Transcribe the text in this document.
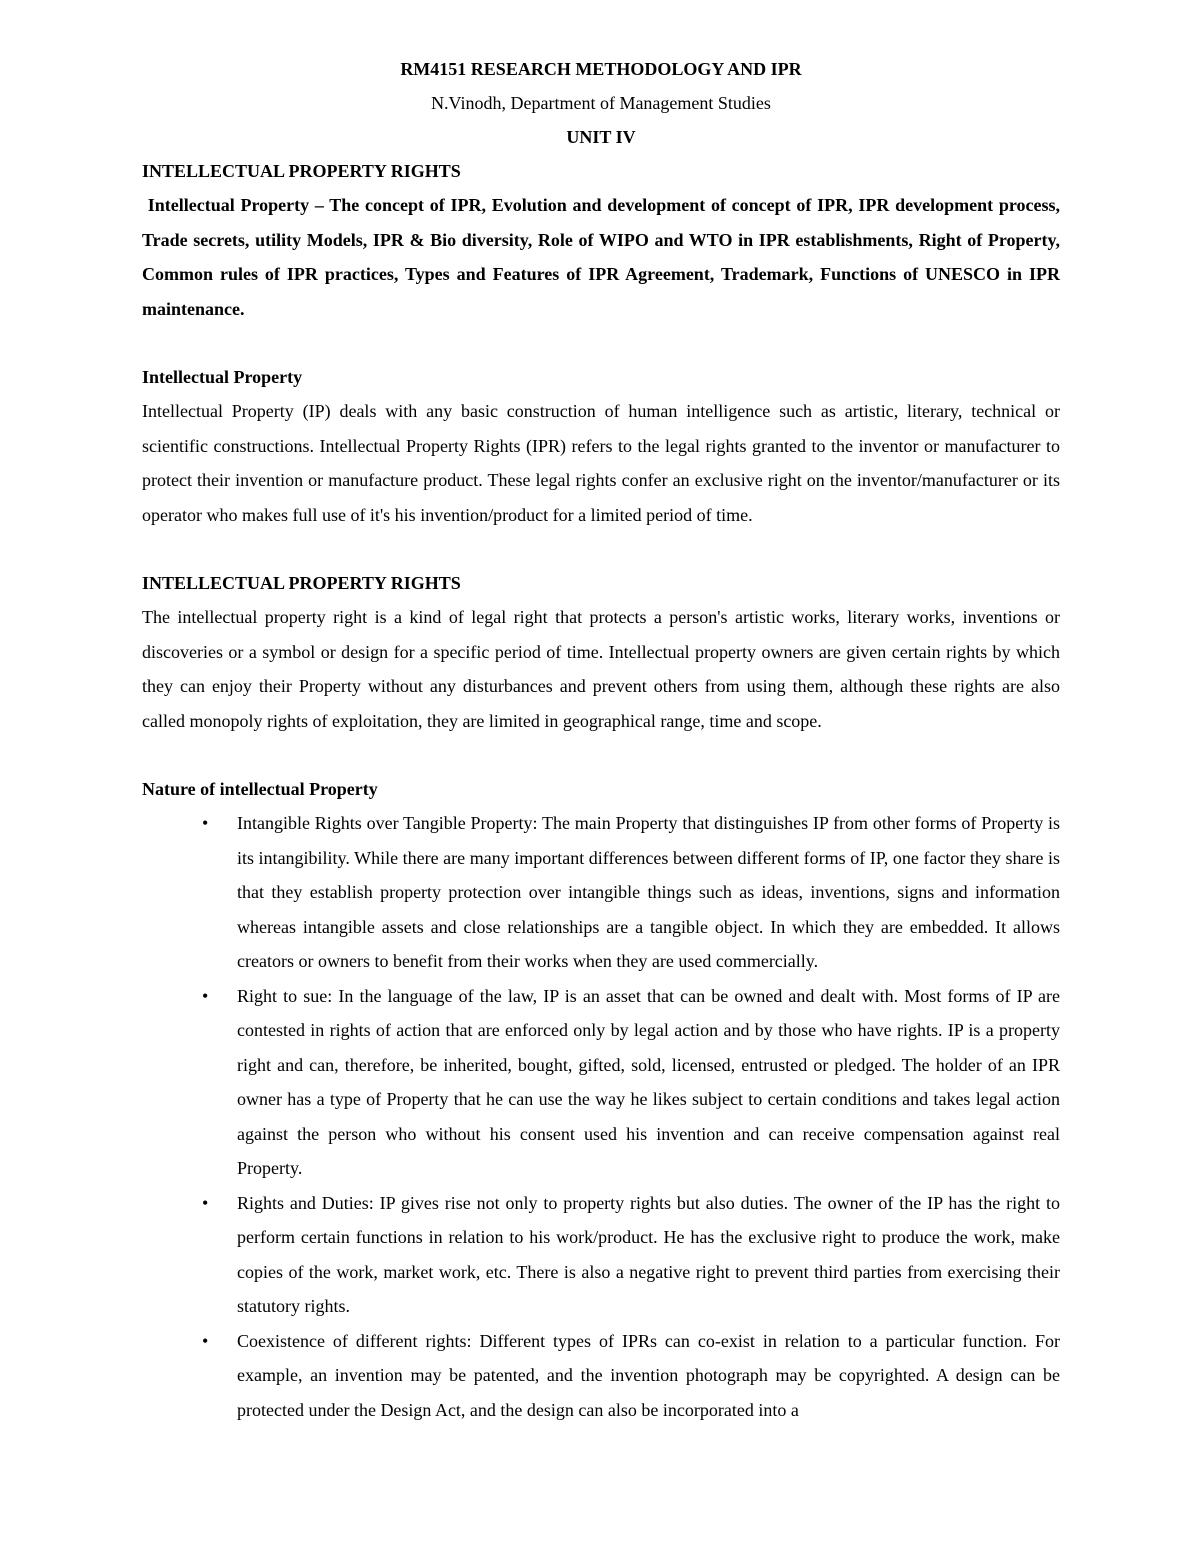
RM4151 RESEARCH METHODOLOGY AND IPR

N.Vinodh, Department of Management Studies

UNIT IV

INTELLECTUAL PROPERTY RIGHTS

Intellectual Property – The concept of IPR, Evolution and development of concept of IPR, IPR development process, Trade secrets, utility Models, IPR & Bio diversity, Role of WIPO and WTO in IPR establishments, Right of Property, Common rules of IPR practices, Types and Features of IPR Agreement, Trademark, Functions of UNESCO in IPR maintenance.

Intellectual Property

Intellectual Property (IP) deals with any basic construction of human intelligence such as artistic, literary, technical or scientific constructions. Intellectual Property Rights (IPR) refers to the legal rights granted to the inventor or manufacturer to protect their invention or manufacture product. These legal rights confer an exclusive right on the inventor/manufacturer or its operator who makes full use of it's his invention/product for a limited period of time.

INTELLECTUAL PROPERTY RIGHTS

The intellectual property right is a kind of legal right that protects a person's artistic works, literary works, inventions or discoveries or a symbol or design for a specific period of time. Intellectual property owners are given certain rights by which they can enjoy their Property without any disturbances and prevent others from using them, although these rights are also called monopoly rights of exploitation, they are limited in geographical range, time and scope.

Nature of intellectual Property

• Intangible Rights over Tangible Property: The main Property that distinguishes IP from other forms of Property is its intangibility. While there are many important differences between different forms of IP, one factor they share is that they establish property protection over intangible things such as ideas, inventions, signs and information whereas intangible assets and close relationships are a tangible object. In which they are embedded. It allows creators or owners to benefit from their works when they are used commercially.
• Right to sue: In the language of the law, IP is an asset that can be owned and dealt with. Most forms of IP are contested in rights of action that are enforced only by legal action and by those who have rights. IP is a property right and can, therefore, be inherited, bought, gifted, sold, licensed, entrusted or pledged. The holder of an IPR owner has a type of Property that he can use the way he likes subject to certain conditions and takes legal action against the person who without his consent used his invention and can receive compensation against real Property.
• Rights and Duties: IP gives rise not only to property rights but also duties. The owner of the IP has the right to perform certain functions in relation to his work/product. He has the exclusive right to produce the work, make copies of the work, market work, etc. There is also a negative right to prevent third parties from exercising their statutory rights.
• Coexistence of different rights: Different types of IPRs can co-exist in relation to a particular function. For example, an invention may be patented, and the invention photograph may be copyrighted. A design can be protected under the Design Act, and the design can also be incorporated into a
